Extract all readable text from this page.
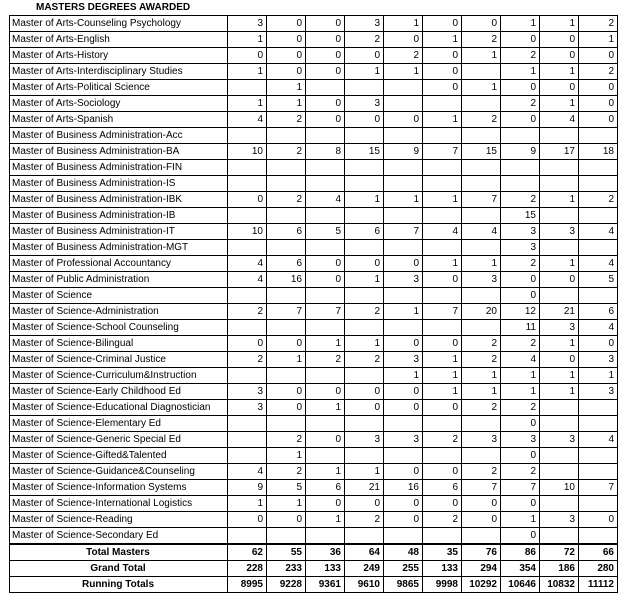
MASTERS DEGREES AWARDED
Master of Arts-Counseling Psychology	3	0	0	3	1	0	0	1	1	2
Master of Arts-English	1	0	0	2	0	1	2	0	0	1
Master of Arts-History	0	0	0	0	2	0	1	2	0	0
Master of Arts-Interdisciplinary Studies	1	0	0	1	1	0		1	1	2
Master of Arts-Political Science		1				0	1	0	0	0
Master of Arts-Sociology	1	1	0	3				2	1	0
Master of Arts-Spanish	4	2	0	0	0	1	2	0	4	0
Master of Business Administration-Acc										
Master of Business Administration-BA	10	2	8	15	9	7	15	9	17	18
Master of Business Administration-FIN										
Master of Business Administration-IS										
Master of Business Administration-IBK	0	2	4	1	1	1	7	2	1	2
Master of Business Administration-IB								15		
Master of Business Administration-IT	10	6	5	6	7	4	4	3	3	4
Master of Business Administration-MGT								3		
Master of Professional Accountancy	4	6	0	0	0	1	1	2	1	4
Master of Public Administration	4	16	0	1	3	0	3	0	0	5
Master of Science								0		
Master of Science-Administration	2	7	7	2	1	7	20	12	21	6
Master of Science-School Counseling								11	3	4
Master of Science-Bilingual	0	0	1	1	0	0	2	2	1	0
Master of Science-Criminal Justice	2	1	2	2	3	1	2	4	0	3
Master of Science-Curriculum&Instruction					1	1	1	1	1	1
Master of Science-Early Childhood Ed	3	0	0	0	0	1	1	1	1	3
Master of Science-Educational Diagnostician	3	0	1	0	0	0	2	2		
Master of Science-Elementary Ed								0		
Master of Science-Generic Special Ed		2	0	3	3	2	3	3	3	4
Master of Science-Gifted&Talented		1						0		
Master of Science-Guidance&Counseling	4	2	1	1	0	0	2	2		
Master of Science-Information Systems	9	5	6	21	16	6	7	7	10	7
Master of Science-International Logistics	1	1	0	0	0	0	0	0		
Master of Science-Reading	0	0	1	2	0	2	0	1	3	0
Master of Science-Secondary Ed								0		
Total Masters	62	55	36	64	48	35	76	86	72	66
Grand Total	228	233	133	249	255	133	294	354	186	280
Running Totals	8995	9228	9361	9610	9865	9998	10292	10646	10832	11112
